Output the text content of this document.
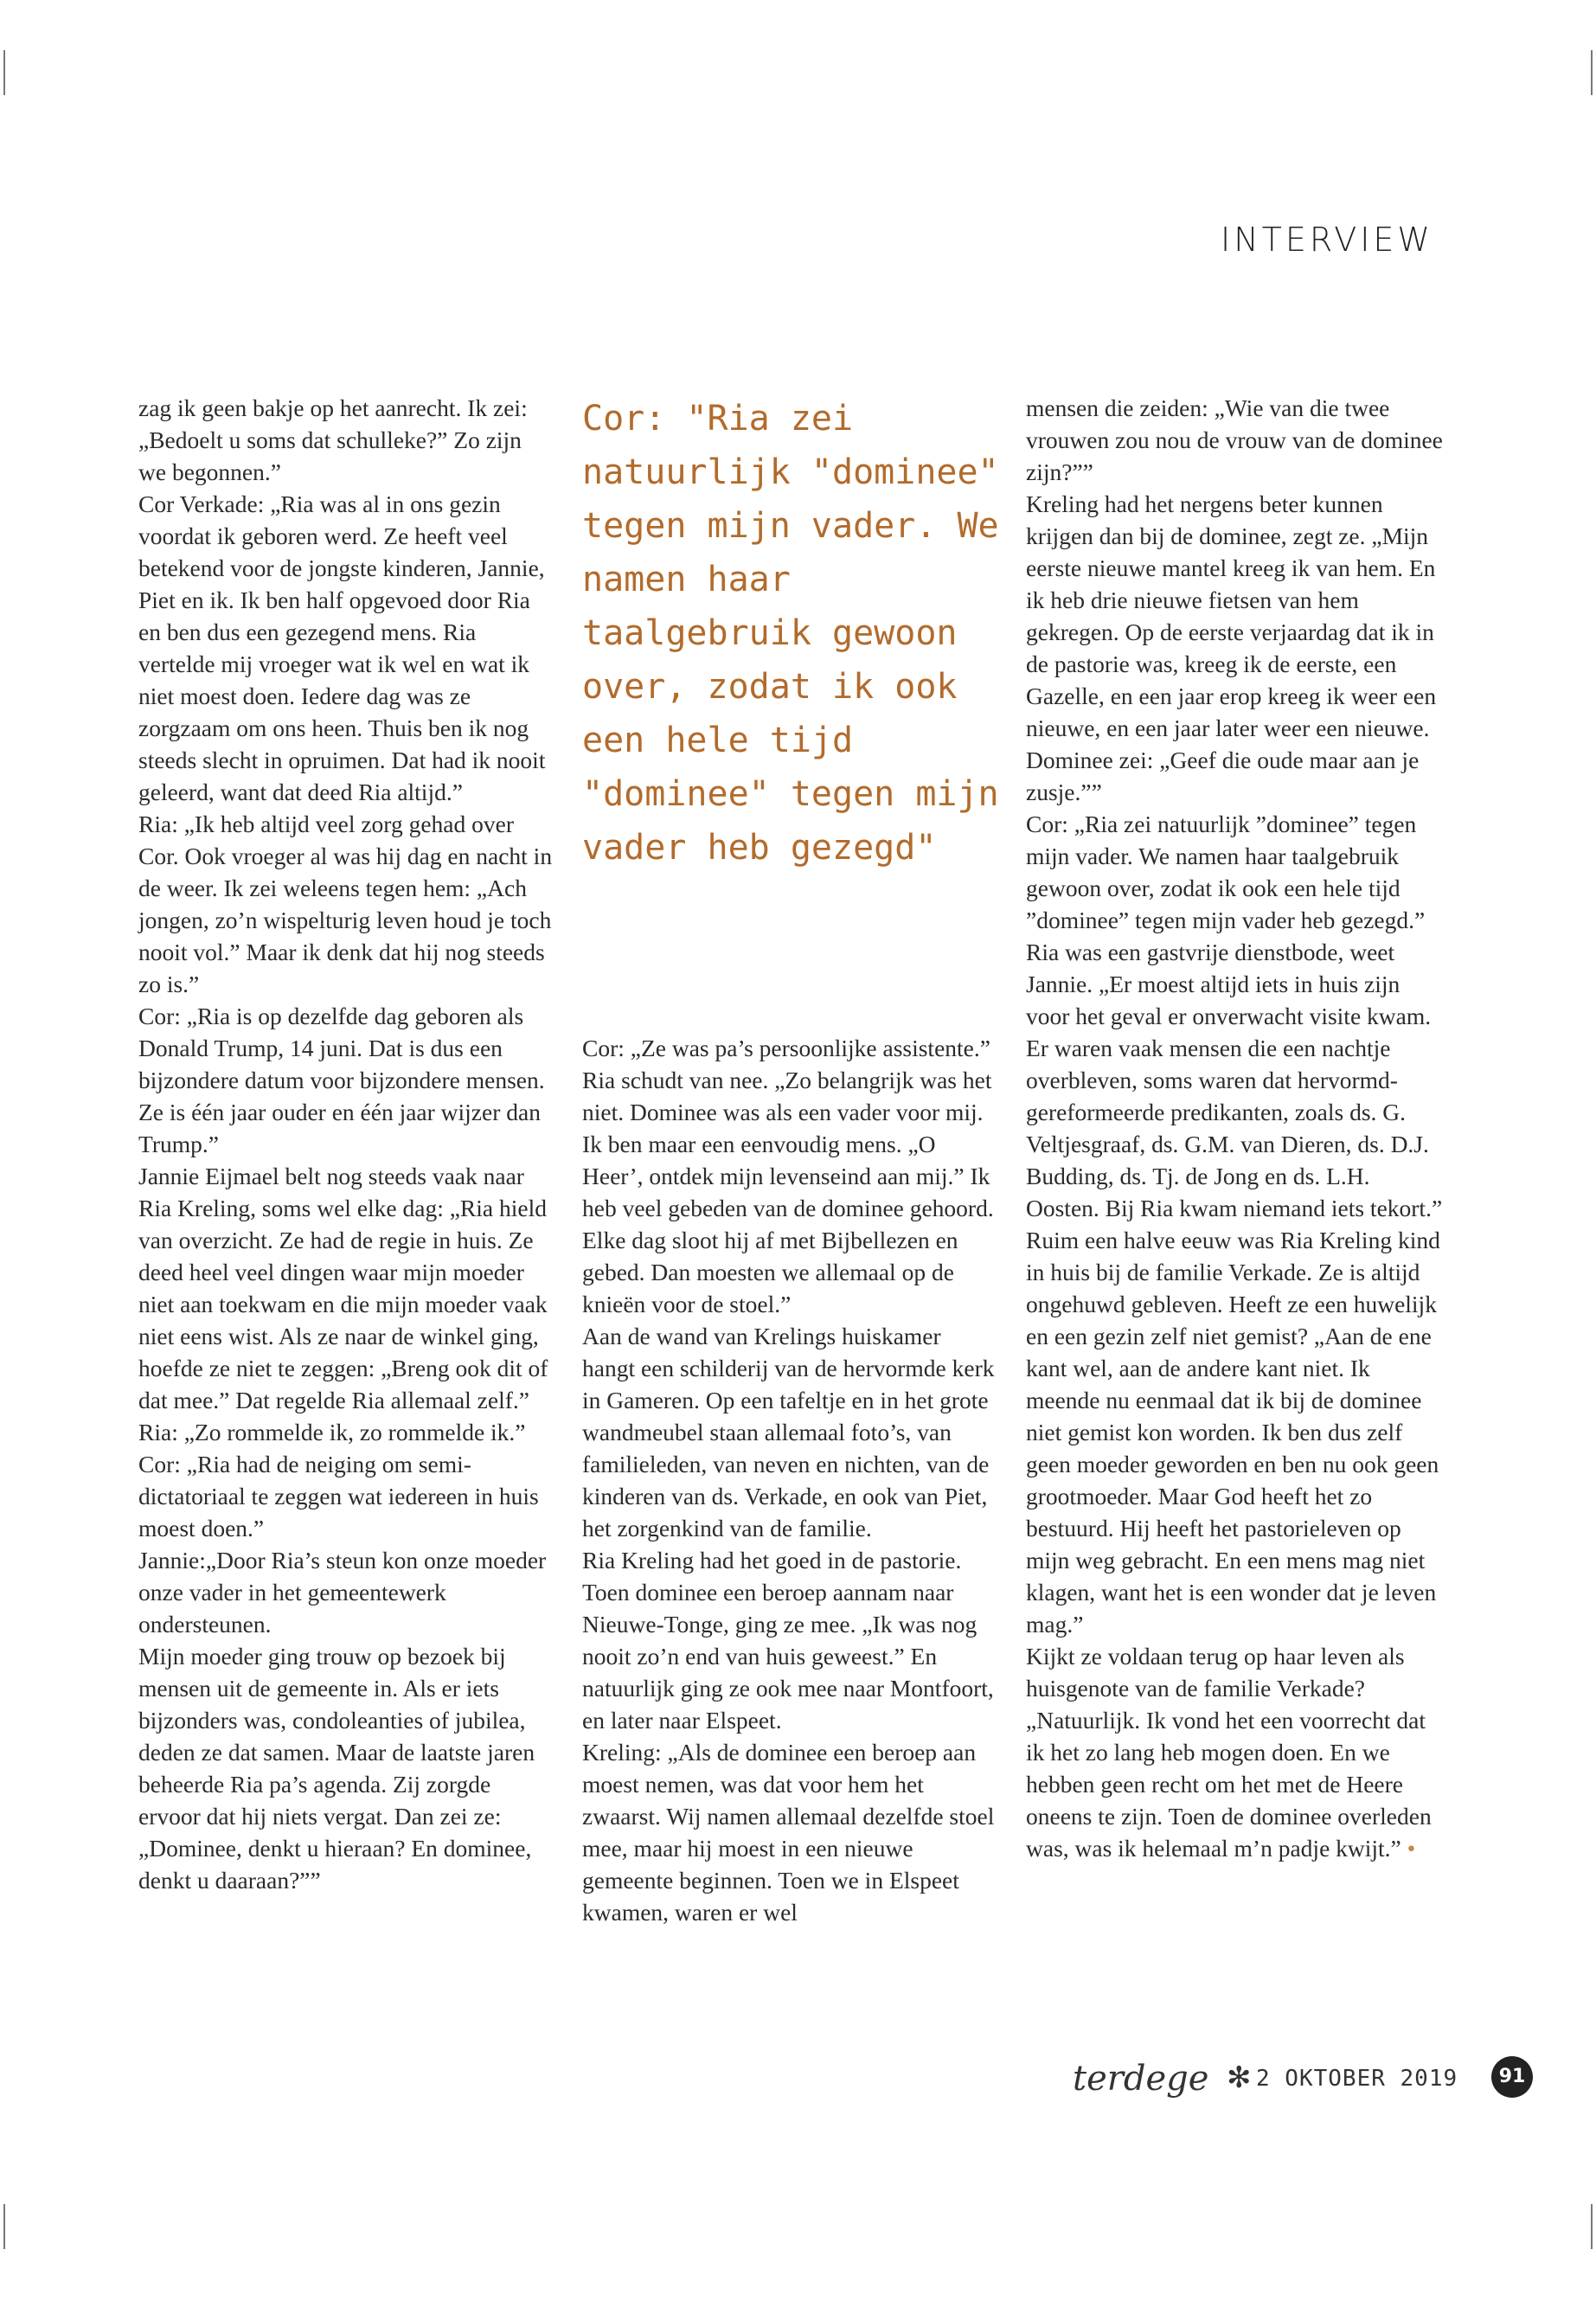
INTERVIEW

zag ik geen bakje op het aanrecht. Ik zei: „Bedoelt u soms dat schulleke?” Zo zijn we begonnen.”

Cor Verkade: „Ria was al in ons gezin voordat ik geboren werd. Ze heeft veel betekend voor de jongste kinderen, Jannie, Piet en ik. Ik ben half opgevoed door Ria en ben dus een gezegend mens. Ria vertelde mij vroeger wat ik wel en wat ik niet moest doen. Iedere dag was ze zorgzaam om ons heen. Thuis ben ik nog steeds slecht in opruimen. Dat had ik nooit geleerd, want dat deed Ria altijd.”

Ria: „Ik heb altijd veel zorg gehad over Cor. Ook vroeger al was hij dag en nacht in de weer. Ik zei weleens tegen hem: „Ach jongen, zo’n wispelturig leven houd je toch nooit vol.” Maar ik denk dat hij nog steeds zo is.”

Cor: „Ria is op dezelfde dag geboren als Donald Trump, 14 juni. Dat is dus een bijzondere datum voor bijzondere mensen. Ze is één jaar ouder en één jaar wijzer dan Trump.”

Jannie Eijmael belt nog steeds vaak naar Ria Kreling, soms wel elke dag: „Ria hield van overzicht. Ze had de regie in huis. Ze deed heel veel dingen waar mijn moeder niet aan toekwam en die mijn moeder vaak niet eens wist. Als ze naar de winkel ging, hoefde ze niet te zeggen: „Breng ook dit of dat mee.” Dat regelde Ria allemaal zelf.”

Ria: „Zo rommelde ik, zo rommelde ik.”

Cor: „Ria had de neiging om semidictatoriaal te zeggen wat iedereen in huis moest doen.”

Jannie:„Door Ria’s steun kon onze moeder onze vader in het gemeentewerk ondersteunen.

Mijn moeder ging trouw op bezoek bij mensen uit de gemeente in. Als er iets bijzonders was, condoleanties of jubilea, deden ze dat samen. Maar de laatste jaren beheerde Ria pa’s agenda. Zij zorgde ervoor dat hij niets vergat. Dan zei ze: „Dominee, denkt u hieraan? En dominee, denkt u daaraan?””

Cor: "Ria zei natuurlijk "dominee" tegen mijn vader. We namen haar taalgebruik gewoon over, zodat ik ook een hele tijd "dominee" tegen mijn vader heb gezegd"

Cor: „Ze was pa’s persoonlijke assistente.”

Ria schudt van nee. „Zo belangrijk was het niet. Dominee was als een vader voor mij. Ik ben maar een eenvoudig mens. „O Heer’, ontdek mijn levenseind aan mij.” Ik heb veel gebeden van de dominee gehoord. Elke dag sloot hij af met Bijbellezen en gebed. Dan moesten we allemaal op de knieën voor de stoel.”

Aan de wand van Krelings huiskamer hangt een schilderij van de hervormde kerk in Gameren. Op een tafeltje en in het grote wandmeubel staan allemaal foto’s, van familieleden, van neven en nichten, van de kinderen van ds. Verkade, en ook van Piet, het zorgenkind van de familie.

Ria Kreling had het goed in de pastorie. Toen dominee een beroep aannam naar Nieuwe-Tonge, ging ze mee. „Ik was nog nooit zo’n end van huis geweest.” En natuurlijk ging ze ook mee naar Montfoort, en later naar Elspeet.

Kreling: „Als de dominee een beroep aan moest nemen, was dat voor hem het zwaarst. Wij namen allemaal dezelfde stoel mee, maar hij moest in een nieuwe gemeente beginnen. Toen we in Elspeet kwamen, waren er wel

mensen die zeiden: „Wie van die twee vrouwen zou nou de vrouw van de dominee zijn?””

Kreling had het nergens beter kunnen krijgen dan bij de dominee, zegt ze. „Mijn eerste nieuwe mantel kreeg ik van hem. En ik heb drie nieuwe fietsen van hem gekregen. Op de eerste verjaardag dat ik in de pastorie was, kreeg ik de eerste, een Gazelle, en een jaar erop kreeg ik weer een nieuwe, en een jaar later weer een nieuwe. Dominee zei: „Geef die oude maar aan je zusje.””

Cor: „Ria zei natuurlijk ”dominee” tegen mijn vader. We namen haar taalgebruik gewoon over, zodat ik ook een hele tijd ”dominee” tegen mijn vader heb gezegd.”

Ria was een gastvrije dienstbode, weet Jannie. „Er moest altijd iets in huis zijn voor het geval er onverwacht visite kwam. Er waren vaak mensen die een nachtje overbleven, soms waren dat hervormd-gereformeerde predikanten, zoals ds. G. Veltjesgraaf, ds. G.M. van Dieren, ds. D.J. Budding, ds. Tj. de Jong en ds. L.H. Oosten. Bij Ria kwam niemand iets tekort.”

Ruim een halve eeuw was Ria Kreling kind in huis bij de familie Verkade. Ze is altijd ongehuwd gebleven. Heeft ze een huwelijk en een gezin zelf niet gemist? „Aan de ene kant wel, aan de andere kant niet. Ik meende nu eenmaal dat ik bij de dominee niet gemist kon worden. Ik ben dus zelf geen moeder geworden en ben nu ook geen grootmoeder. Maar God heeft het zo bestuurd. Hij heeft het pastorieleven op mijn weg gebracht. En een mens mag niet klagen, want het is een wonder dat je leven mag.”

Kijkt ze voldaan terug op haar leven als huisgenote van de familie Verkade? „Natuurlijk. Ik vond het een voorrecht dat ik het zo lang heb mogen doen. En we hebben geen recht om het met de Heere oneens te zijn. Toen de dominee overleden was, was ik helemaal m’n padje kwijt.” •

terdege ✻ 2 OKTOBER 2019	91
